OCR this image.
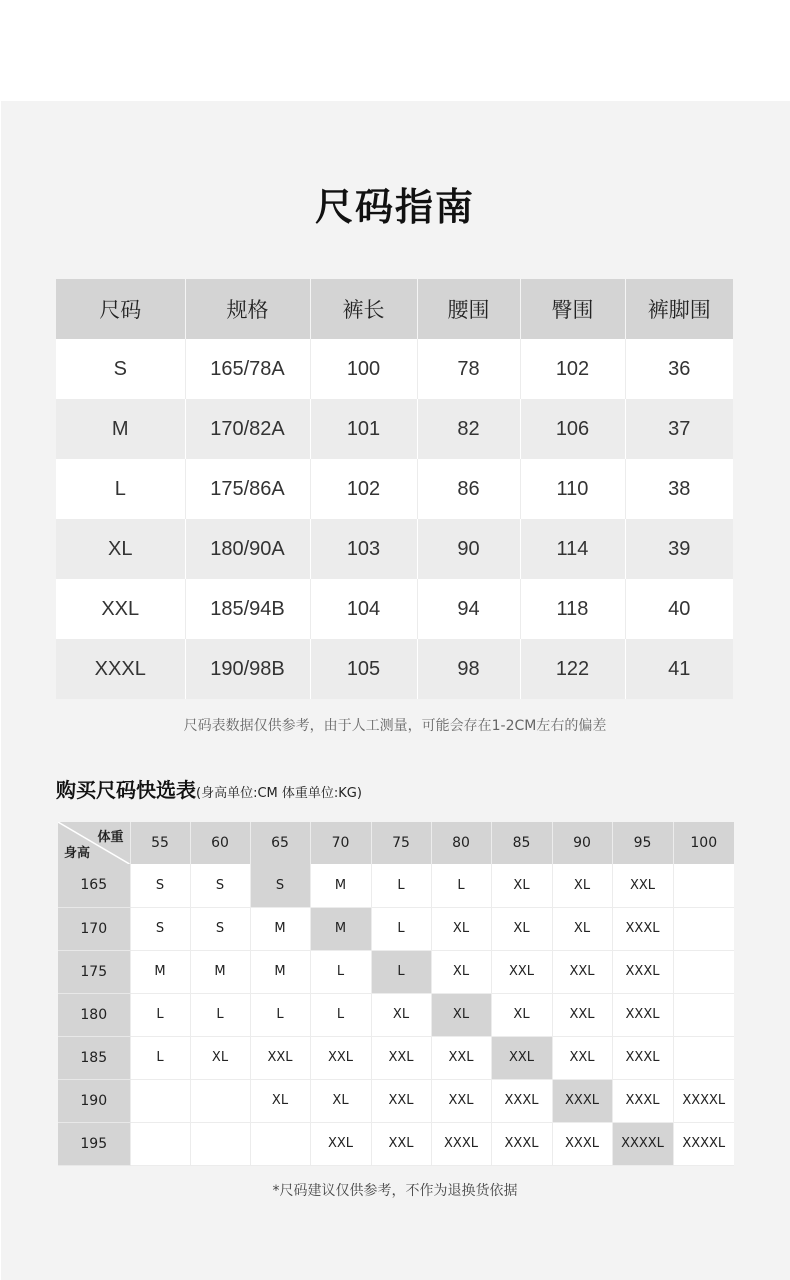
尺码指南
尺码	规格	裤长	腰围	臀围	裤脚围
S	165/78A	100	78	102	36
M	170/82A	101	82	106	37
L	175/86A	102	86	110	38
XL	180/90A	103	90	114	39
XXL	185/94B	104	94	118	40
XXXL	190/98B	105	98	122	41

尺码表数据仅供参考，由于人工测量，可能会存在1-2CM左右的偏差

购买尺码快选表(身高单位:CM 体重单位:KG)
体重
身高	55	60	65	70	75	80	85	90	95	100
165	S	S	S	M	L	L	XL	XL	XXL	
170	S	S	M	M	L	XL	XL	XL	XXXL	
175	M	M	M	L	L	XL	XXL	XXL	XXXL	
180	L	L	L	L	XL	XL	XL	XXL	XXXL	
185	L	XL	XXL	XXL	XXL	XXL	XXL	XXL	XXXL	
190			XL	XL	XXL	XXL	XXXL	XXXL	XXXL	XXXXL
195				XXL	XXL	XXXL	XXXL	XXXL	XXXXL	XXXXL

*尺码建议仅供参考，不作为退换货依据
